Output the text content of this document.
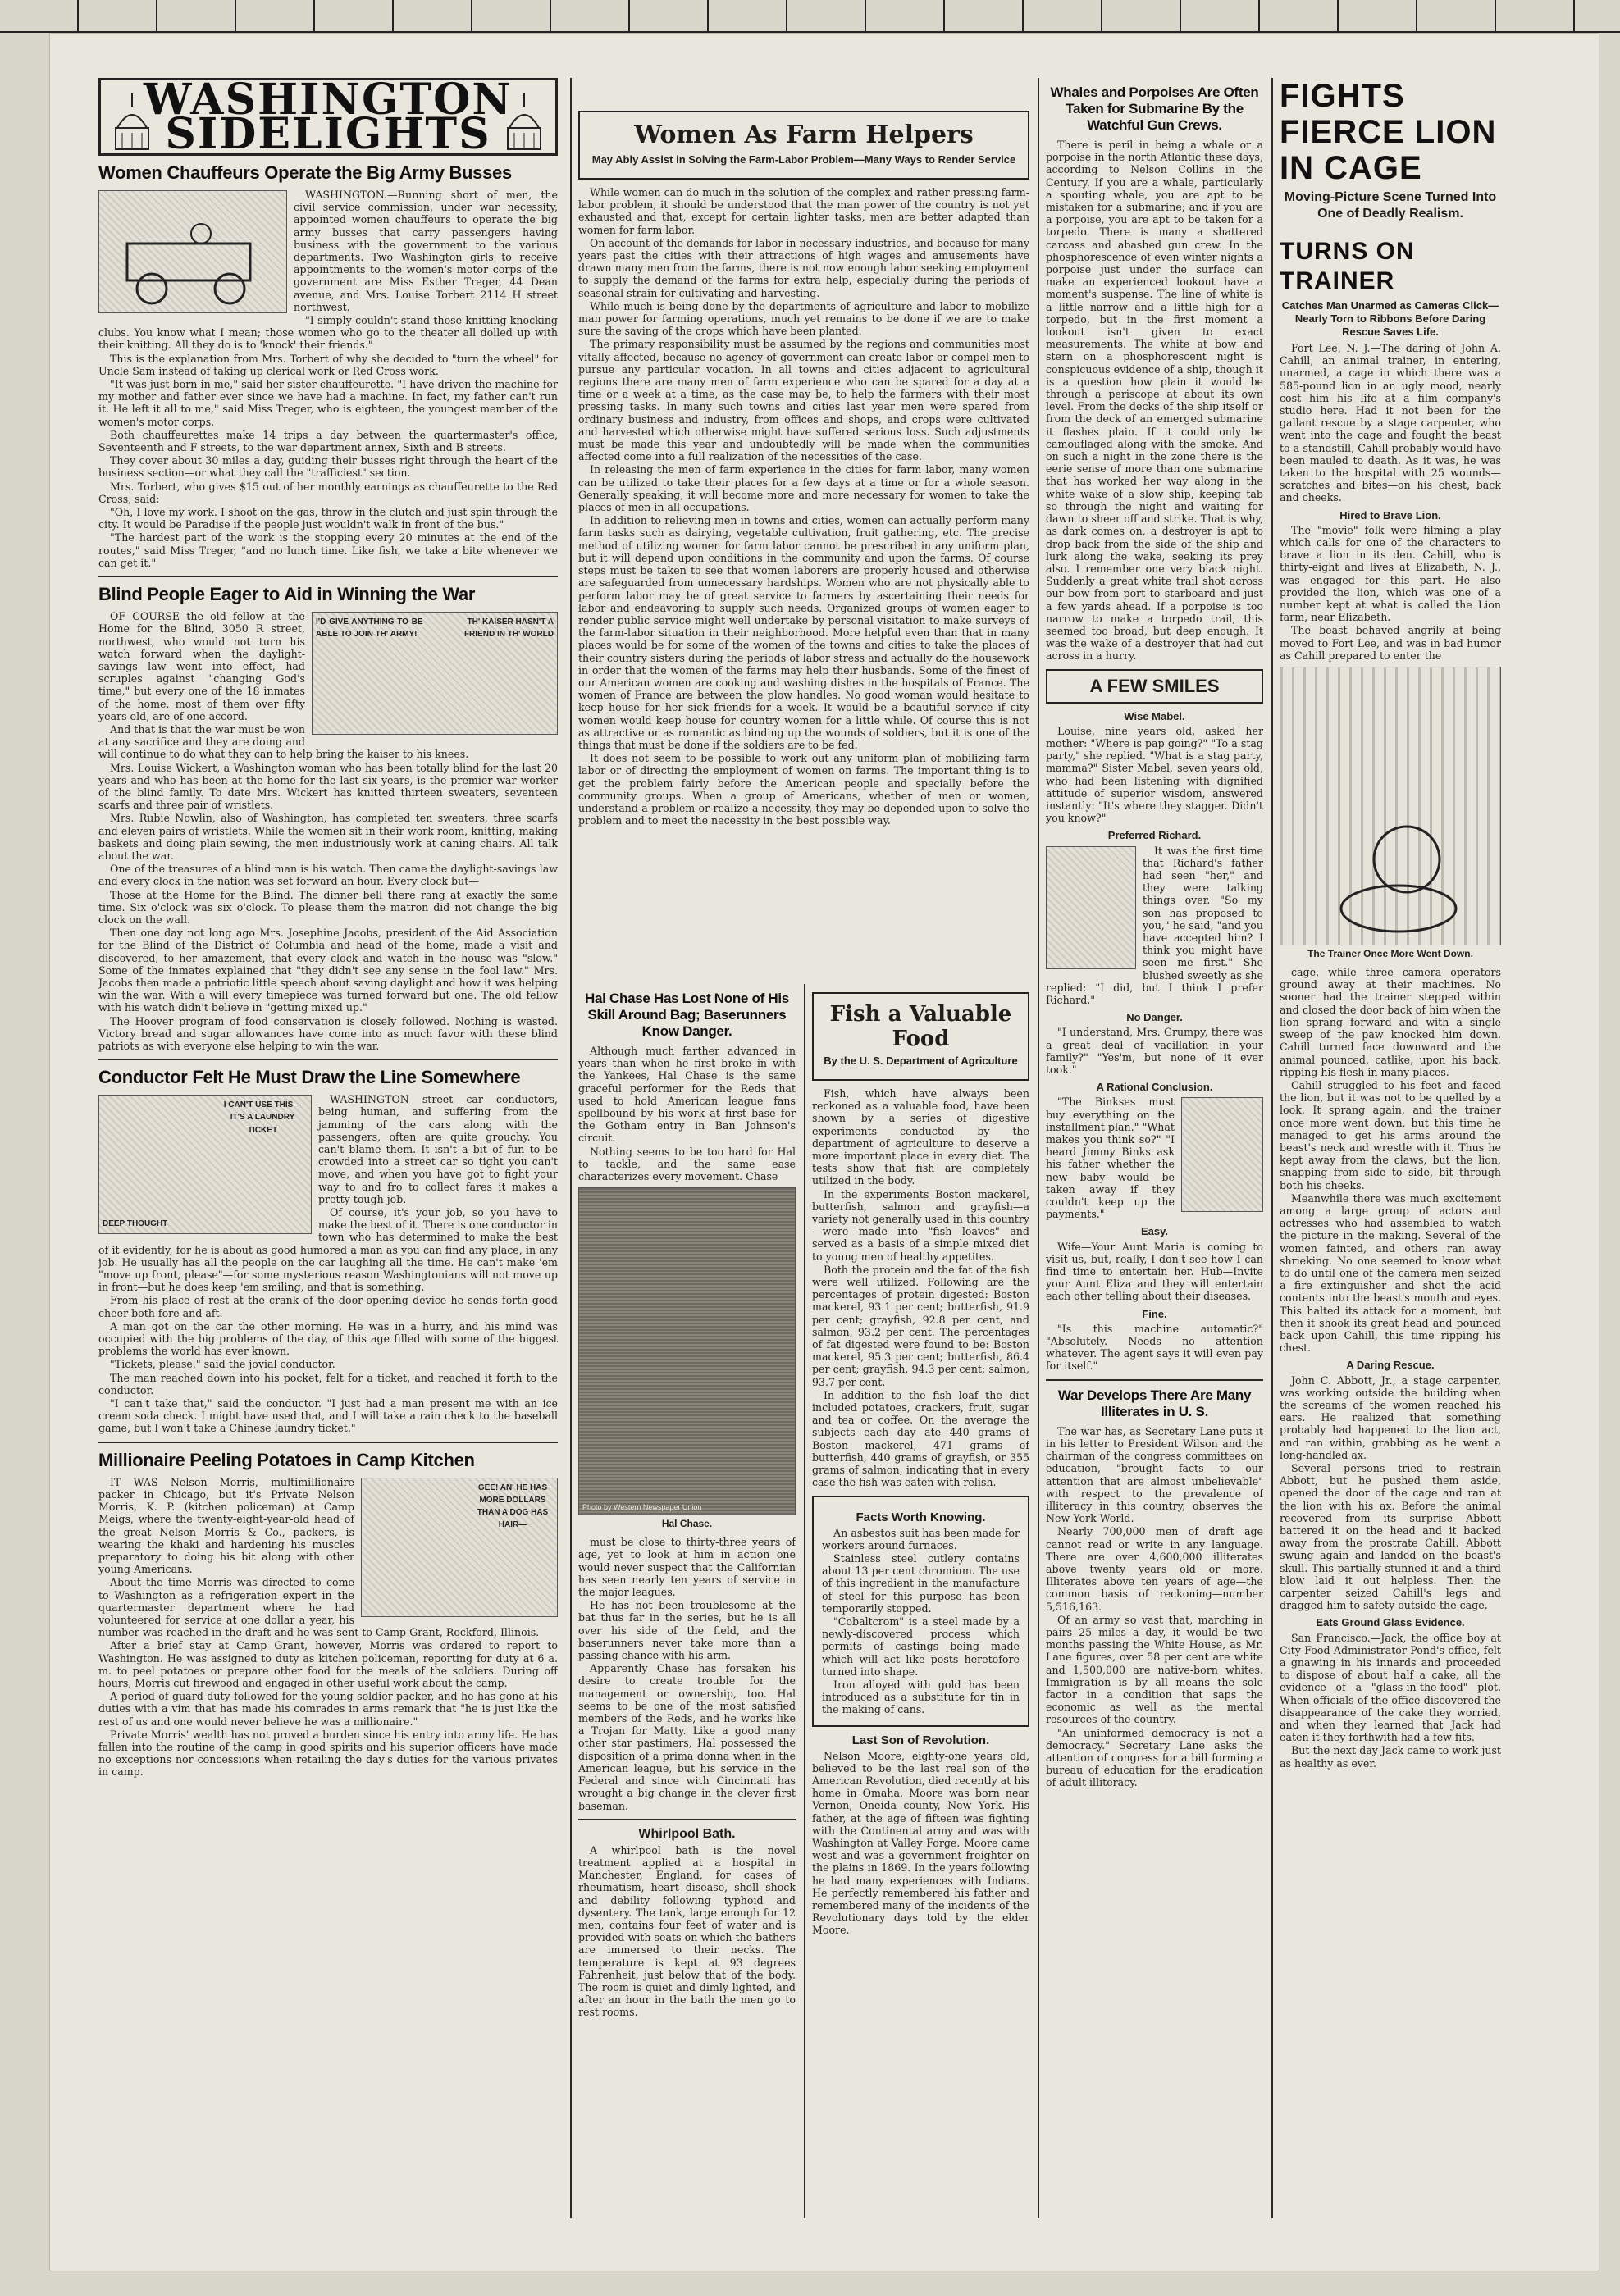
WASHINGTON SIDELIGHTS
Women Chauffeurs Operate the Big Army Busses

WASHINGTON.—Running short of men, the civil service commission, under war necessity, appointed women chauffeurs to operate the big army busses that carry passengers having business with the government to the various departments. Two Washington girls to receive appointments to the women's motor corps of the government are Miss Esther Treger, 44 Dean avenue, and Mrs. Louise Torbert 2114 H street northwest.

"I simply couldn't stand those knitting-knocking clubs. You know what I mean; those women who go to the theater all dolled up with their knitting. All they do is to 'knock' their friends."

This is the explanation from Mrs. Torbert of why she decided to "turn the wheel" for Uncle Sam instead of taking up clerical work or Red Cross work.

"It was just born in me," said her sister chauffeurette. "I have driven the machine for my mother and father ever since we have had a machine. In fact, my father can't run it. He left it all to me," said Miss Treger, who is eighteen, the youngest member of the women's motor corps.

Both chauffeurettes make 14 trips a day between the quartermaster's office, Seventeenth and F streets, to the war department annex, Sixth and B streets.

They cover about 30 miles a day, guiding their busses right through the heart of the business section—or what they call the "trafficiest" section.

Mrs. Torbert, who gives $15 out of her monthly earnings as chauffeurette to the Red Cross, said:

"Oh, I love my work. I shoot on the gas, throw in the clutch and just spin through the city. It would be Paradise if the people just wouldn't walk in front of the bus."

"The hardest part of the work is the stopping every 20 minutes at the end of the routes," said Miss Treger, "and no lunch time. Like fish, we take a bite whenever we can get it."

Blind People Eager to Aid in Winning the War
I'D GIVE ANYTHING TO BE ABLE TO JOIN TH' ARMY!
TH' KAISER HASN'T A FRIEND IN TH' WORLD

OF COURSE the old fellow at the Home for the Blind, 3050 R street, northwest, who would not turn his watch forward when the daylight-savings law went into effect, had scruples against "changing God's time," but every one of the 18 inmates of the home, most of them over fifty years old, are of one accord.

And that is that the war must be won at any sacrifice and they are doing and will continue to do what they can to help bring the kaiser to his knees.

Mrs. Louise Wickert, a Washington woman who has been totally blind for the last 20 years and who has been at the home for the last six years, is the premier war worker of the blind family. To date Mrs. Wickert has knitted thirteen sweaters, seventeen scarfs and three pair of wristlets.

Mrs. Rubie Nowlin, also of Washington, has completed ten sweaters, three scarfs and eleven pairs of wristlets. While the women sit in their work room, knitting, making baskets and doing plain sewing, the men industriously work at caning chairs. All talk about the war.

One of the treasures of a blind man is his watch. Then came the daylight-savings law and every clock in the nation was set forward an hour. Every clock but—

Those at the Home for the Blind. The dinner bell there rang at exactly the same time. Six o'clock was six o'clock. To please them the matron did not change the big clock on the wall.

Then one day not long ago Mrs. Josephine Jacobs, president of the Aid Association for the Blind of the District of Columbia and head of the home, made a visit and discovered, to her amazement, that every clock and watch in the house was "slow." Some of the inmates explained that "they didn't see any sense in the fool law." Mrs. Jacobs then made a patriotic little speech about saving daylight and how it was helping win the war. With a will every timepiece was turned forward but one. The old fellow with his watch didn't believe in "getting mixed up."

The Hoover program of food conservation is closely followed. Nothing is wasted. Victory bread and sugar allowances have come into as much favor with these blind patriots as with everyone else helping to win the war.

Conductor Felt He Must Draw the Line Somewhere
I CAN'T USE THIS—IT'S A LAUNDRY TICKET
DEEP THOUGHT

WASHINGTON street car conductors, being human, and suffering from the jamming of the cars along with the passengers, often are quite grouchy. You can't blame them. It isn't a bit of fun to be crowded into a street car so tight you can't move, and when you have got to fight your way to and fro to collect fares it makes a pretty tough job.

Of course, it's your job, so you have to make the best of it. There is one conductor in town who has determined to make the best of it evidently, for he is about as good humored a man as you can find any place, in any job. He usually has all the people on the car laughing all the time. He can't make 'em "move up front, please"—for some mysterious reason Washingtonians will not move up in front—but he does keep 'em smiling, and that is something.

From his place of rest at the crank of the door-opening device he sends forth good cheer both fore and aft.

A man got on the car the other morning. He was in a hurry, and his mind was occupied with the big problems of the day, of this age filled with some of the biggest problems the world has ever known.

"Tickets, please," said the jovial conductor.

The man reached down into his pocket, felt for a ticket, and reached it forth to the conductor.

"I can't take that," said the conductor. "I just had a man present me with an ice cream soda check. I might have used that, and I will take a rain check to the baseball game, but I won't take a Chinese laundry ticket."

Millionaire Peeling Potatoes in Camp Kitchen
GEE! AN' HE HAS MORE DOLLARS THAN A DOG HAS HAIR—

IT WAS Nelson Morris, multimillionaire packer in Chicago, but it's Private Nelson Morris, K. P. (kitchen policeman) at Camp Meigs, where the twenty-eight-year-old head of the great Nelson Morris & Co., packers, is wearing the khaki and hardening his muscles preparatory to doing his bit along with other young Americans.

About the time Morris was directed to come to Washington as a refrigeration expert in the quartermaster department where he had volunteered for service at one dollar a year, his number was reached in the draft and he was sent to Camp Grant, Rockford, Illinois.

After a brief stay at Camp Grant, however, Morris was ordered to report to Washington. He was assigned to duty as kitchen policeman, reporting for duty at 6 a. m. to peel potatoes or prepare other food for the meals of the soldiers. During off hours, Morris cut firewood and engaged in other useful work about the camp.

A period of guard duty followed for the young soldier-packer, and he has gone at his duties with a vim that has made his comrades in arms remark that "he is just like the rest of us and one would never believe he was a millionaire."

Private Morris' wealth has not proved a burden since his entry into army life. He has fallen into the routine of the camp in good spirits and his superior officers have made no exceptions nor concessions when retailing the day's duties for the various privates in camp.

Women As Farm Helpers
May Ably Assist in Solving the Farm-Labor Problem—Many Ways to Render Service

While women can do much in the solution of the complex and rather pressing farm-labor problem, it should be understood that the man power of the country is not yet exhausted and that, except for certain lighter tasks, men are better adapted than women for farm labor.

On account of the demands for labor in necessary industries, and because for many years past the cities with their attractions of high wages and amusements have drawn many men from the farms, there is not now enough labor seeking employment to supply the demand of the farms for extra help, especially during the periods of seasonal strain for cultivating and harvesting.

While much is being done by the departments of agriculture and labor to mobilize man power for farming operations, much yet remains to be done if we are to make sure the saving of the crops which have been planted.

The primary responsibility must be assumed by the regions and communities most vitally affected, because no agency of government can create labor or compel men to pursue any particular vocation. In all towns and cities adjacent to agricultural regions there are many men of farm experience who can be spared for a day at a time or a week at a time, as the case may be, to help the farmers with their most pressing tasks. In many such towns and cities last year men were spared from ordinary business and industry, from offices and shops, and crops were cultivated and harvested which otherwise might have suffered serious loss. Such adjustments must be made this year and undoubtedly will be made when the communities affected come into a full realization of the necessities of the case.

In releasing the men of farm experience in the cities for farm labor, many women can be utilized to take their places for a few days at a time or for a whole season. Generally speaking, it will become more and more necessary for women to take the places of men in all occupations.

In addition to relieving men in towns and cities, women can actually perform many farm tasks such as dairying, vegetable cultivation, fruit gathering, etc. The precise method of utilizing women for farm labor cannot be prescribed in any uniform plan, but it will depend upon conditions in the community and upon the farms. Of course steps must be taken to see that women laborers are properly housed and otherwise are safeguarded from unnecessary hardships. Women who are not physically able to perform labor may be of great service to farmers by ascertaining their needs for labor and endeavoring to supply such needs. Organized groups of women eager to render public service might well undertake by personal visitation to make surveys of the farm-labor situation in their neighborhood. More helpful even than that in many places would be for some of the women of the towns and cities to take the places of their country sisters during the periods of labor stress and actually do the housework in order that the women of the farms may help their husbands. Some of the finest of our American women are cooking and washing dishes in the hospitals of France. The women of France are between the plow handles. No good woman would hesitate to keep house for her sick friends for a week. It would be a beautiful service if city women would keep house for country women for a little while. Of course this is not as attractive or as romantic as binding up the wounds of soldiers, but it is one of the things that must be done if the soldiers are to be fed.

It does not seem to be possible to work out any uniform plan of mobilizing farm labor or of directing the employment of women on farms. The important thing is to get the problem fairly before the American people and specially before the community groups. When a group of Americans, whether of men or women, understand a problem or realize a necessity, they may be depended upon to solve the problem and to meet the necessity in the best possible way.

Hal Chase Has Lost None of His Skill Around Bag; Baserunners Know Danger.

Although much farther advanced in years than when he first broke in with the Yankees, Hal Chase is the same graceful performer for the Reds that used to hold American league fans spellbound by his work at first base for the Gotham entry in Ban Johnson's circuit.

Nothing seems to be too hard for Hal to tackle, and the same ease characterizes every movement. Chase

Photo by Western Newspaper Union
Hal Chase.

must be close to thirty-three years of age, yet to look at him in action one would never suspect that the Californian has seen nearly ten years of service in the major leagues.

He has not been troublesome at the bat thus far in the series, but he is all over his side of the field, and the baserunners never take more than a passing chance with his arm.

Apparently Chase has forsaken his desire to create trouble for the management or ownership, too. Hal seems to be one of the most satisfied members of the Reds, and he works like a Trojan for Matty. Like a good many other star pastimers, Hal possessed the disposition of a prima donna when in the American league, but his service in the Federal and since with Cincinnati has wrought a big change in the clever first baseman.

Whirlpool Bath.

A whirlpool bath is the novel treatment applied at a hospital in Manchester, England, for cases of rheumatism, heart disease, shell shock and debility following typhoid and dysentery. The tank, large enough for 12 men, contains four feet of water and is provided with seats on which the bathers are immersed to their necks. The temperature is kept at 93 degrees Fahrenheit, just below that of the body. The room is quiet and dimly lighted, and after an hour in the bath the men go to rest rooms.

Fish a Valuable Food
By the U. S. Department of Agriculture

Fish, which have always been reckoned as a valuable food, have been shown by a series of digestive experiments conducted by the department of agriculture to deserve a more important place in every diet. The tests show that fish are completely utilized in the body.

In the experiments Boston mackerel, butterfish, salmon and grayfish—a variety not generally used in this country—were made into "fish loaves" and served as a basis of a simple mixed diet to young men of healthy appetites.

Both the protein and the fat of the fish were well utilized. Following are the percentages of protein digested: Boston mackerel, 93.1 per cent; butterfish, 91.9 per cent; grayfish, 92.8 per cent, and salmon, 93.2 per cent. The percentages of fat digested were found to be: Boston mackerel, 95.3 per cent; butterfish, 86.4 per cent; grayfish, 94.3 per cent; salmon, 93.7 per cent.

In addition to the fish loaf the diet included potatoes, crackers, fruit, sugar and tea or coffee. On the average the subjects each day ate 440 grams of Boston mackerel, 471 grams of butterfish, 440 grams of grayfish, or 355 grams of salmon, indicating that in every case the fish was eaten with relish.

Facts Worth Knowing.

An asbestos suit has been made for workers around furnaces.

Stainless steel cutlery contains about 13 per cent chromium. The use of this ingredient in the manufacture of steel for this purpose has been temporarily stopped.

"Cobaltcrom" is a steel made by a newly-discovered process which permits of castings being made which will act like posts heretofore turned into shape.

Iron alloyed with gold has been introduced as a substitute for tin in the making of cans.

Last Son of Revolution.

Nelson Moore, eighty-one years old, believed to be the last real son of the American Revolution, died recently at his home in Omaha. Moore was born near Vernon, Oneida county, New York. His father, at the age of fifteen was fighting with the Continental army and was with Washington at Valley Forge. Moore came west and was a government freighter on the plains in 1869. In the years following he had many experiences with Indians. He perfectly remembered his father and remembered many of the incidents of the Revolutionary days told by the elder Moore.

Whales and Porpoises Are Often Taken for Submarine By the Watchful Gun Crews.

There is peril in being a whale or a porpoise in the north Atlantic these days, according to Nelson Collins in the Century. If you are a whale, particularly a spouting whale, you are apt to be mistaken for a submarine; and if you are a porpoise, you are apt to be taken for a torpedo. There is many a shattered carcass and abashed gun crew. In the phosphorescence of even winter nights a porpoise just under the surface can make an experienced lookout have a moment's suspense. The line of white is a little narrow and a little high for a torpedo, but in the first moment a lookout isn't given to exact measurements. The white at bow and stern on a phosphorescent night is conspicuous evidence of a ship, though it is a question how plain it would be through a periscope at about its own level. From the decks of the ship itself or from the deck of an emerged submarine it flashes plain. If it could only be camouflaged along with the smoke. And on such a night in the zone there is the eerie sense of more than one submarine that has worked her way along in the white wake of a slow ship, keeping tab so through the night and waiting for dawn to sheer off and strike. That is why, as dark comes on, a destroyer is apt to drop back from the side of the ship and lurk along the wake, seeking its prey also. I remember one very black night. Suddenly a great white trail shot across our bow from port to starboard and just a few yards ahead. If a porpoise is too narrow to make a torpedo trail, this seemed too broad, but deep enough. It was the wake of a destroyer that had cut across in a hurry.

A FEW SMILES
Wise Mabel.

Louise, nine years old, asked her mother: "Where is pap going?" "To a stag party," she replied. "What is a stag party, mamma?" Sister Mabel, seven years old, who had been listening with dignified attitude of superior wisdom, answered instantly: "It's where they stagger. Didn't you know?"

Preferred Richard.

It was the first time that Richard's father had seen "her," and they were talking things over. "So my son has proposed to you," he said, "and you have accepted him? I think you might have seen me first." She blushed sweetly as she replied: "I did, but I think I prefer Richard."

No Danger.

"I understand, Mrs. Grumpy, there was a great deal of vacillation in your family?" "Yes'm, but none of it ever took."

A Rational Conclusion.

"The Binkses must buy everything on the installment plan." "What makes you think so?" "I heard Jimmy Binks ask his father whether the new baby would be taken away if they couldn't keep up the payments."

Easy.

Wife—Your Aunt Maria is coming to visit us, but, really, I don't see how I can find time to entertain her. Hub—Invite your Aunt Eliza and they will entertain each other telling about their diseases.

Fine.

"Is this machine automatic?" "Absolutely. Needs no attention whatever. The agent says it will even pay for itself."

War Develops There Are Many Illiterates in U. S.

The war has, as Secretary Lane puts it in his letter to President Wilson and the chairman of the congress committees on education, "brought facts to our attention that are almost unbelievable" with respect to the prevalence of illiteracy in this country, observes the New York World.

Nearly 700,000 men of draft age cannot read or write in any language. There are over 4,600,000 illiterates above twenty years old or more. Illiterates above ten years of age—the common basis of reckoning—number 5,516,163.

Of an army so vast that, marching in pairs 25 miles a day, it would be two months passing the White House, as Mr. Lane figures, over 58 per cent are white and 1,500,000 are native-born whites. Immigration is by all means the sole factor in a condition that saps the economic as well as the mental resources of the country.

"An uninformed democracy is not a democracy." Secretary Lane asks the attention of congress for a bill forming a bureau of education for the eradication of adult illiteracy.

FIGHTS FIERCE LION IN CAGE
Moving-Picture Scene Turned Into One of Deadly Realism.
TURNS ON TRAINER
Catches Man Unarmed as Cameras Click—Nearly Torn to Ribbons Before Daring Rescue Saves Life.

Fort Lee, N. J.—The daring of John A. Cahill, an animal trainer, in entering, unarmed, a cage in which there was a 585-pound lion in an ugly mood, nearly cost him his life at a film company's studio here. Had it not been for the gallant rescue by a stage carpenter, who went into the cage and fought the beast to a standstill, Cahill probably would have been mauled to death. As it was, he was taken to the hospital with 25 wounds—scratches and bites—on his chest, back and cheeks.

Hired to Brave Lion.

The "movie" folk were filming a play which calls for one of the characters to brave a lion in its den. Cahill, who is thirty-eight and lives at Elizabeth, N. J., was engaged for this part. He also provided the lion, which was one of a number kept at what is called the Lion farm, near Elizabeth.

The beast behaved angrily at being moved to Fort Lee, and was in bad humor as Cahill prepared to enter the

The Trainer Once More Went Down.

cage, while three camera operators ground away at their machines. No sooner had the trainer stepped within and closed the door back of him when the lion sprang forward and with a single sweep of the paw knocked him down. Cahill turned face downward and the animal pounced, catlike, upon his back, ripping his flesh in many places.

Cahill struggled to his feet and faced the lion, but it was not to be quelled by a look. It sprang again, and the trainer once more went down, but this time he managed to get his arms around the beast's neck and wrestle with it. Thus he kept away from the claws, but the lion, snapping from side to side, bit through both his cheeks.

Meanwhile there was much excitement among a large group of actors and actresses who had assembled to watch the picture in the making. Several of the women fainted, and others ran away shrieking. No one seemed to know what to do until one of the camera men seized a fire extinguisher and shot the acid contents into the beast's mouth and eyes. This halted its attack for a moment, but then it shook its great head and pounced back upon Cahill, this time ripping his chest.

A Daring Rescue.

John C. Abbott, Jr., a stage carpenter, was working outside the building when the screams of the women reached his ears. He realized that something probably had happened to the lion act, and ran within, grabbing as he went a long-handled ax.

Several persons tried to restrain Abbott, but he pushed them aside, opened the door of the cage and ran at the lion with his ax. Before the animal recovered from its surprise Abbott battered it on the head and it backed away from the prostrate Cahill. Abbott swung again and landed on the beast's skull. This partially stunned it and a third blow laid it out helpless. Then the carpenter seized Cahill's legs and dragged him to safety outside the cage.

Eats Ground Glass Evidence.

San Francisco.—Jack, the office boy at City Food Administrator Pond's office, felt a gnawing in his innards and proceeded to dispose of about half a cake, all the evidence of a "glass-in-the-food" plot. When officials of the office discovered the disappearance of the cake they worried, and when they learned that Jack had eaten it they forthwith had a few fits.

But the next day Jack came to work just as healthy as ever.
